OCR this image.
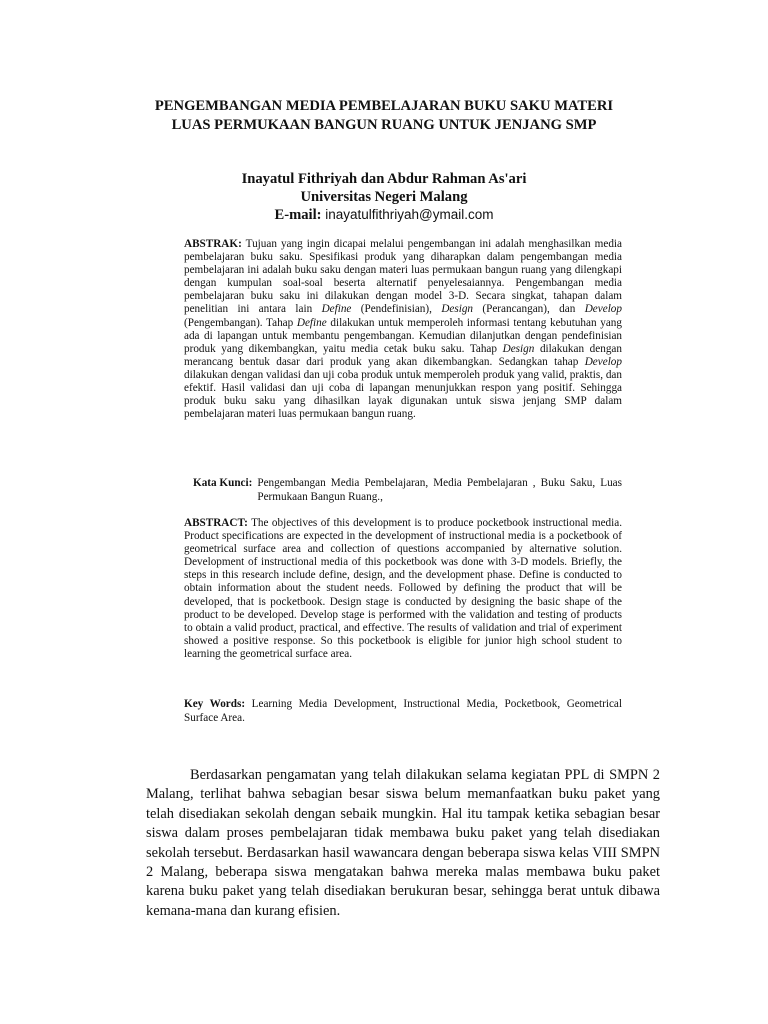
PENGEMBANGAN MEDIA PEMBELAJARAN BUKU SAKU MATERI
LUAS PERMUKAAN BANGUN RUANG UNTUK JENJANG SMP
Inayatul Fithriyah dan Abdur Rahman As'ari
Universitas Negeri Malang
E-mail: inayatulfithriyah@ymail.com
ABSTRAK: Tujuan yang ingin dicapai melalui pengembangan ini adalah menghasilkan media pembelajaran buku saku. Spesifikasi produk yang diharapkan dalam pengembangan media pembelajaran ini adalah buku saku dengan materi luas permukaan bangun ruang yang dilengkapi dengan kumpulan soal-soal beserta alternatif penyelesaiannya. Pengembangan media pembelajaran buku saku ini dilakukan dengan model 3-D. Secara singkat, tahapan dalam penelitian ini antara lain Define (Pendefinisian), Design (Perancangan), dan Develop (Pengembangan). Tahap Define dilakukan untuk memperoleh informasi tentang kebutuhan yang ada di lapangan untuk membantu pengembangan. Kemudian dilanjutkan dengan pendefinisian produk yang dikembangkan, yaitu media cetak buku saku. Tahap Design dilakukan dengan merancang bentuk dasar dari produk yang akan dikembangkan. Sedangkan tahap Develop dilakukan dengan validasi dan uji coba produk untuk memperoleh produk yang valid, praktis, dan efektif. Hasil validasi dan uji coba di lapangan menunjukkan respon yang positif. Sehingga produk buku saku yang dihasilkan layak digunakan untuk siswa jenjang SMP dalam pembelajaran materi luas permukaan bangun ruang.
Kata Kunci: Pengembangan Media Pembelajaran, Media Pembelajaran , Buku Saku, Luas Permukaan Bangun Ruang.,
ABSTRACT: The objectives of this development is to produce pocketbook instructional media. Product specifications are expected in the development of instructional media is a pocketbook of geometrical surface area and collection of questions accompanied by alternative solution. Development of instructional media of this pocketbook was done with 3-D models. Briefly, the steps in this research include define, design, and the development phase. Define is conducted to obtain information about the student needs. Followed by defining the product that will be developed, that is pocketbook. Design stage is conducted by designing the basic shape of the product to be developed. Develop stage is performed with the validation and testing of products to obtain a valid product, practical, and effective. The results of validation and trial of experiment showed a positive response. So this pocketbook is eligible for junior high school student to learning the geometrical surface area.
Key Words: Learning Media Development, Instructional Media, Pocketbook, Geometrical Surface Area.
Berdasarkan pengamatan yang telah dilakukan selama kegiatan PPL di SMPN 2 Malang, terlihat bahwa sebagian besar siswa belum memanfaatkan buku paket yang telah disediakan sekolah dengan sebaik mungkin. Hal itu tampak ketika sebagian besar siswa dalam proses pembelajaran tidak membawa buku paket yang telah disediakan sekolah tersebut. Berdasarkan hasil wawancara dengan beberapa siswa kelas VIII SMPN 2 Malang, beberapa siswa mengatakan bahwa mereka malas membawa buku paket karena buku paket yang telah disediakan berukuran besar, sehingga berat untuk dibawa kemana-mana dan kurang efisien.
